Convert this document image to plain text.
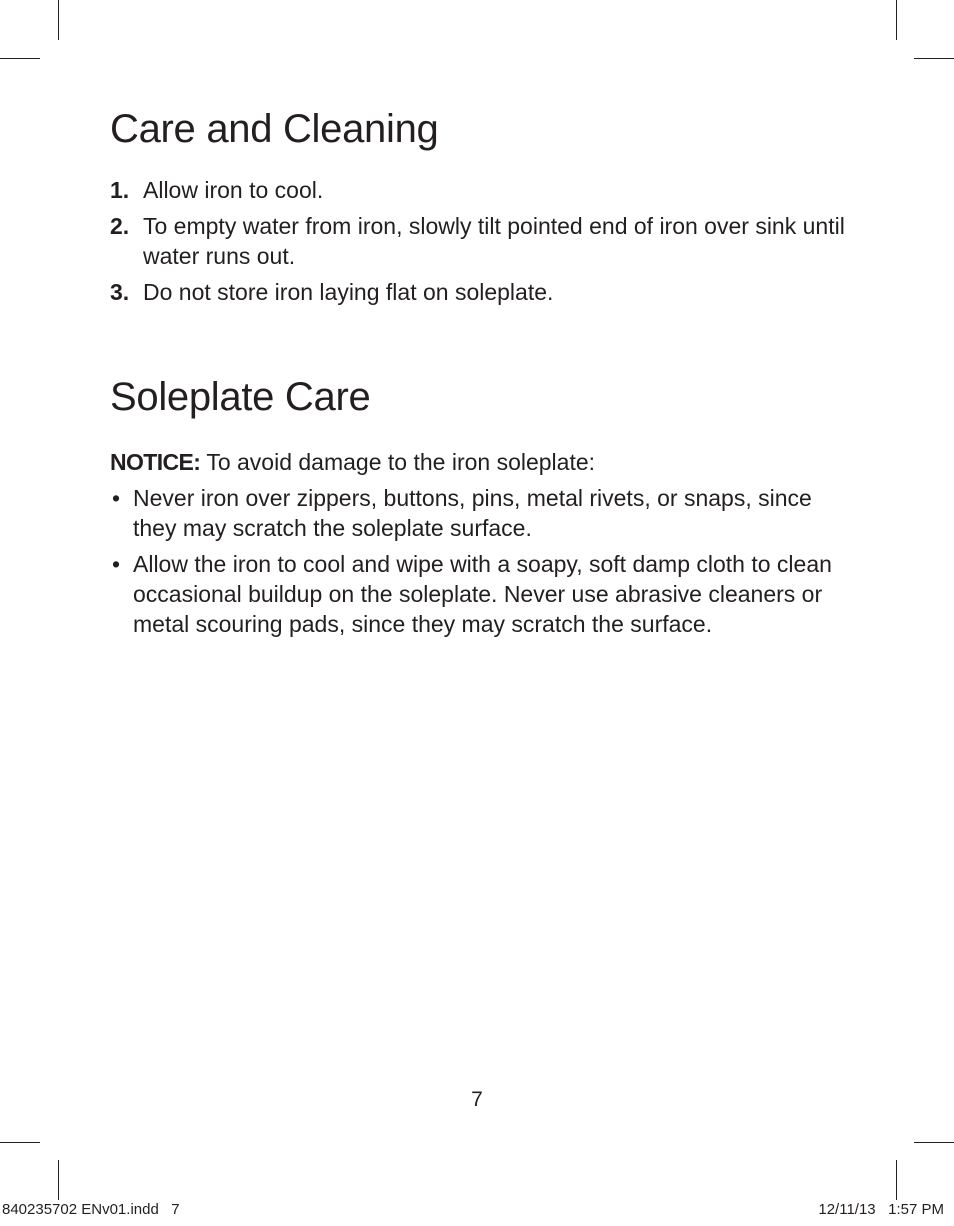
Care and Cleaning
1. Allow iron to cool.
2. To empty water from iron, slowly tilt pointed end of iron over sink until water runs out.
3. Do not store iron laying flat on soleplate.
Soleplate Care

NOTICE: To avoid damage to the iron soleplate:

• Never iron over zippers, buttons, pins, metal rivets, or snaps, since they may scratch the soleplate surface.
• Allow the iron to cool and wipe with a soapy, soft damp cloth to clean occasional buildup on the soleplate. Never use abrasive cleaners or metal scouring pads, since they may scratch the surface.
7
840235702 ENv01.indd   7	12/11/13   1:57 PM
